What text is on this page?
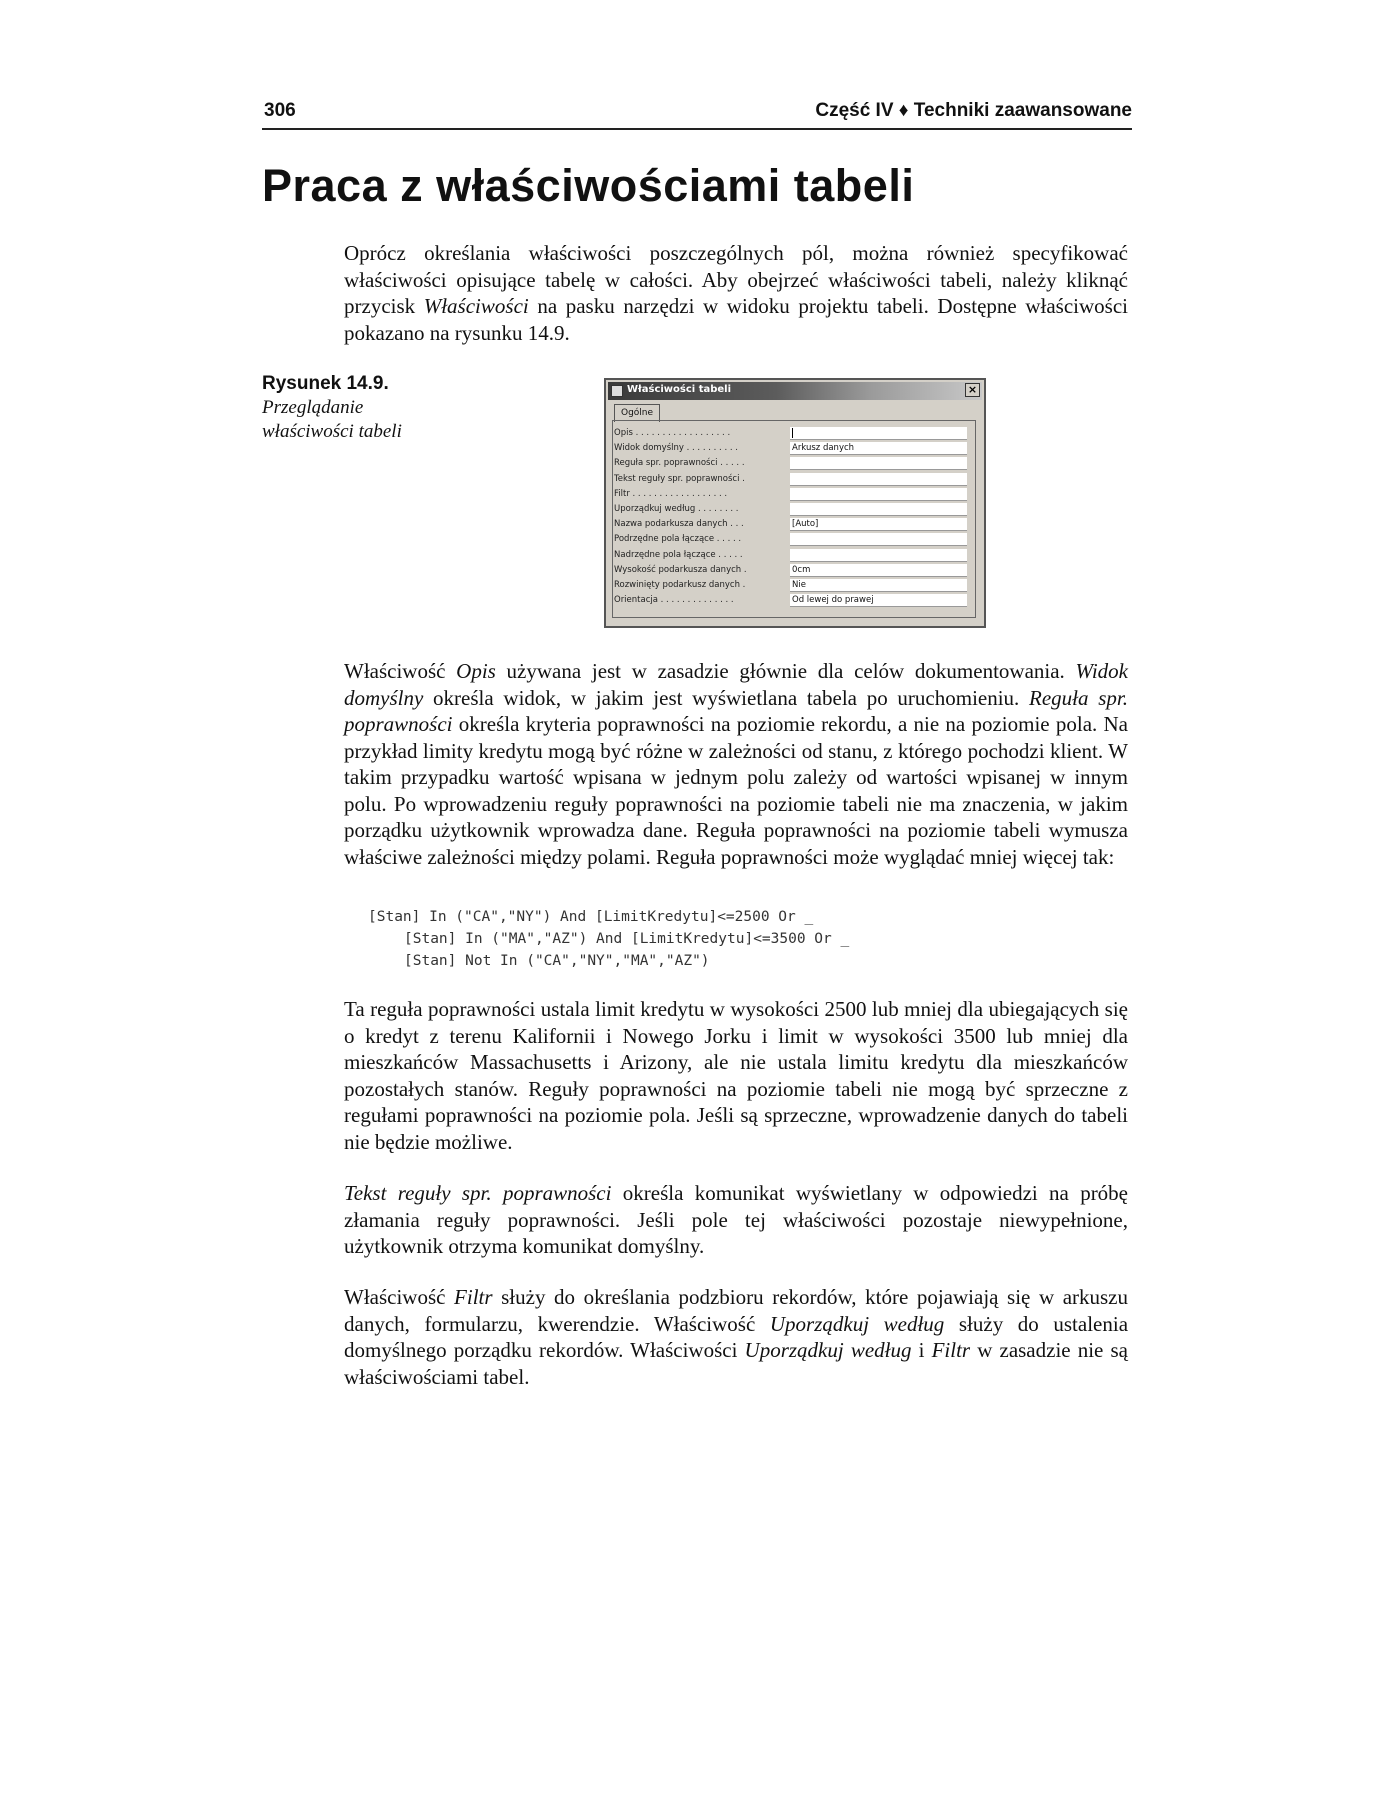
306	Część IV ♦ Techniki zaawansowane
Praca z właściwościami tabeli

Oprócz określania właściwości poszczególnych pól, można również specyfikować właściwości opisujące tabelę w całości. Aby obejrzeć właściwości tabeli, należy kliknąć przycisk Właściwości na pasku narzędzi w widoku projektu tabeli. Dostępne właściwości pokazano na rysunku 14.9.

Rysunek 14.9.
Przeglądanie właściwości tabeli
Właściwości tabeli	×
Ogólne
Opis . . . . . . . . . . . . . . . . . .
Widok domyślny . . . . . . . . . .	Arkusz danych
Reguła spr. poprawności . . . . .
Tekst reguły spr. poprawności .
Filtr . . . . . . . . . . . . . . . . . .
Uporządkuj według . . . . . . . .
Nazwa podarkusza danych . . .	[Auto]
Podrzędne pola łączące . . . . .
Nadrzędne pola łączące . . . . .
Wysokość podarkusza danych .	0cm
Rozwinięty podarkusz danych .	Nie
Orientacja . . . . . . . . . . . . . .	Od lewej do prawej

Właściwość Opis używana jest w zasadzie głównie dla celów dokumentowania. Widok domyślny określa widok, w jakim jest wyświetlana tabela po uruchomieniu. Reguła spr. poprawności określa kryteria poprawności na poziomie rekordu, a nie na poziomie pola. Na przykład limity kredytu mogą być różne w zależności od stanu, z którego pochodzi klient. W takim przypadku wartość wpisana w jednym polu zależy od wartości wpisanej w innym polu. Po wprowadzeniu reguły poprawności na poziomie tabeli nie ma znaczenia, w jakim porządku użytkownik wprowadza dane. Reguła poprawności na poziomie tabeli wymusza właściwe zależności między polami. Reguła poprawności może wyglądać mniej więcej tak:

[Stan] In ("CA","NY") And [LimitKredytu]<=2500 Or _
[Stan] In ("MA","AZ") And [LimitKredytu]<=3500 Or _
[Stan] Not In ("CA","NY","MA","AZ")

Ta reguła poprawności ustala limit kredytu w wysokości 2500 lub mniej dla ubiegających się o kredyt z terenu Kalifornii i Nowego Jorku i limit w wysokości 3500 lub mniej dla mieszkańców Massachusetts i Arizony, ale nie ustala limitu kredytu dla mieszkańców pozostałych stanów. Reguły poprawności na poziomie tabeli nie mogą być sprzeczne z regułami poprawności na poziomie pola. Jeśli są sprzeczne, wprowadzenie danych do tabeli nie będzie możliwe.

Tekst reguły spr. poprawności określa komunikat wyświetlany w odpowiedzi na próbę złamania reguły poprawności. Jeśli pole tej właściwości pozostaje niewypełnione, użytkownik otrzyma komunikat domyślny.

Właściwość Filtr służy do określania podzbioru rekordów, które pojawiają się w arkuszu danych, formularzu, kwerendzie. Właściwość Uporządkuj według służy do ustalenia domyślnego porządku rekordów. Właściwości Uporządkuj według i Filtr w zasadzie nie są właściwościami tabel.
